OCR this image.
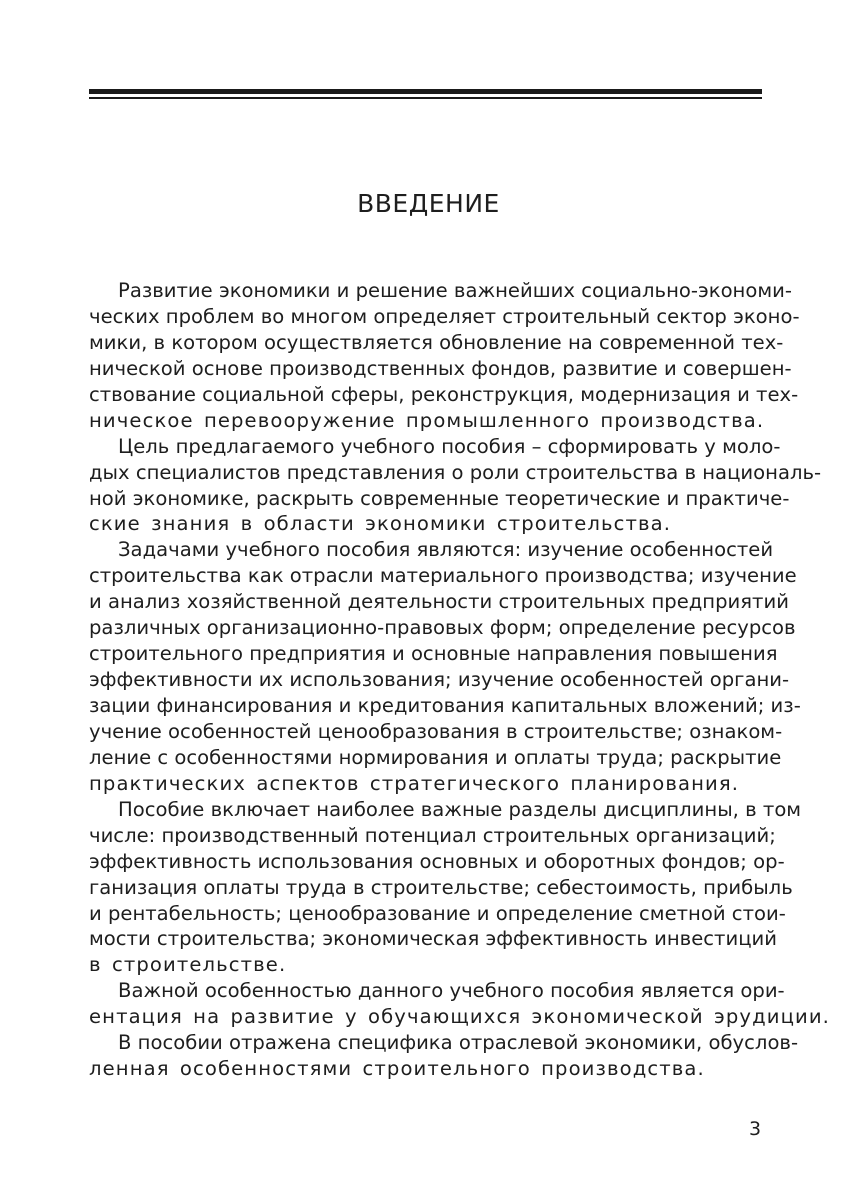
ВВЕДЕНИЕ
Развитие экономики и решение важнейших социально-экономи-
ческих проблем во многом определяет строительный сектор эконо-
мики, в котором осуществляется обновление на современной тех-
нической основе производственных фондов, развитие и совершен-
ствование социальной сферы, реконструкция, модернизация и тех-
ническое перевооружение промышленного производства.
Цель предлагаемого учебного пособия – сформировать у моло-
дых специалистов представления о роли строительства в националь-
ной экономике, раскрыть современные теоретические и практиче-
ские знания в области экономики строительства.
Задачами учебного пособия являются: изучение особенностей
строительства как отрасли материального производства; изучение
и анализ хозяйственной деятельности строительных предприятий
различных организационно-правовых форм; определение ресурсов
строительного предприятия и основные направления повышения
эффективности их использования; изучение особенностей органи-
зации финансирования и кредитования капитальных вложений; из-
учение особенностей ценообразования в строительстве; ознаком-
ление с особенностями нормирования и оплаты труда; раскрытие
практических аспектов стратегического планирования.
Пособие включает наиболее важные разделы дисциплины, в том
числе: производственный потенциал строительных организаций;
эффективность использования основных и оборотных фондов; ор-
ганизация оплаты труда в строительстве; себестоимость, прибыль
и рентабельность; ценообразование и определение сметной стои-
мости строительства; экономическая эффективность инвестиций
в строительстве.
Важной особенностью данного учебного пособия является ори-
ентация на развитие у обучающихся экономической эрудиции.
В пособии отражена специфика отраслевой экономики, обуслов-
ленная особенностями строительного производства.
3
